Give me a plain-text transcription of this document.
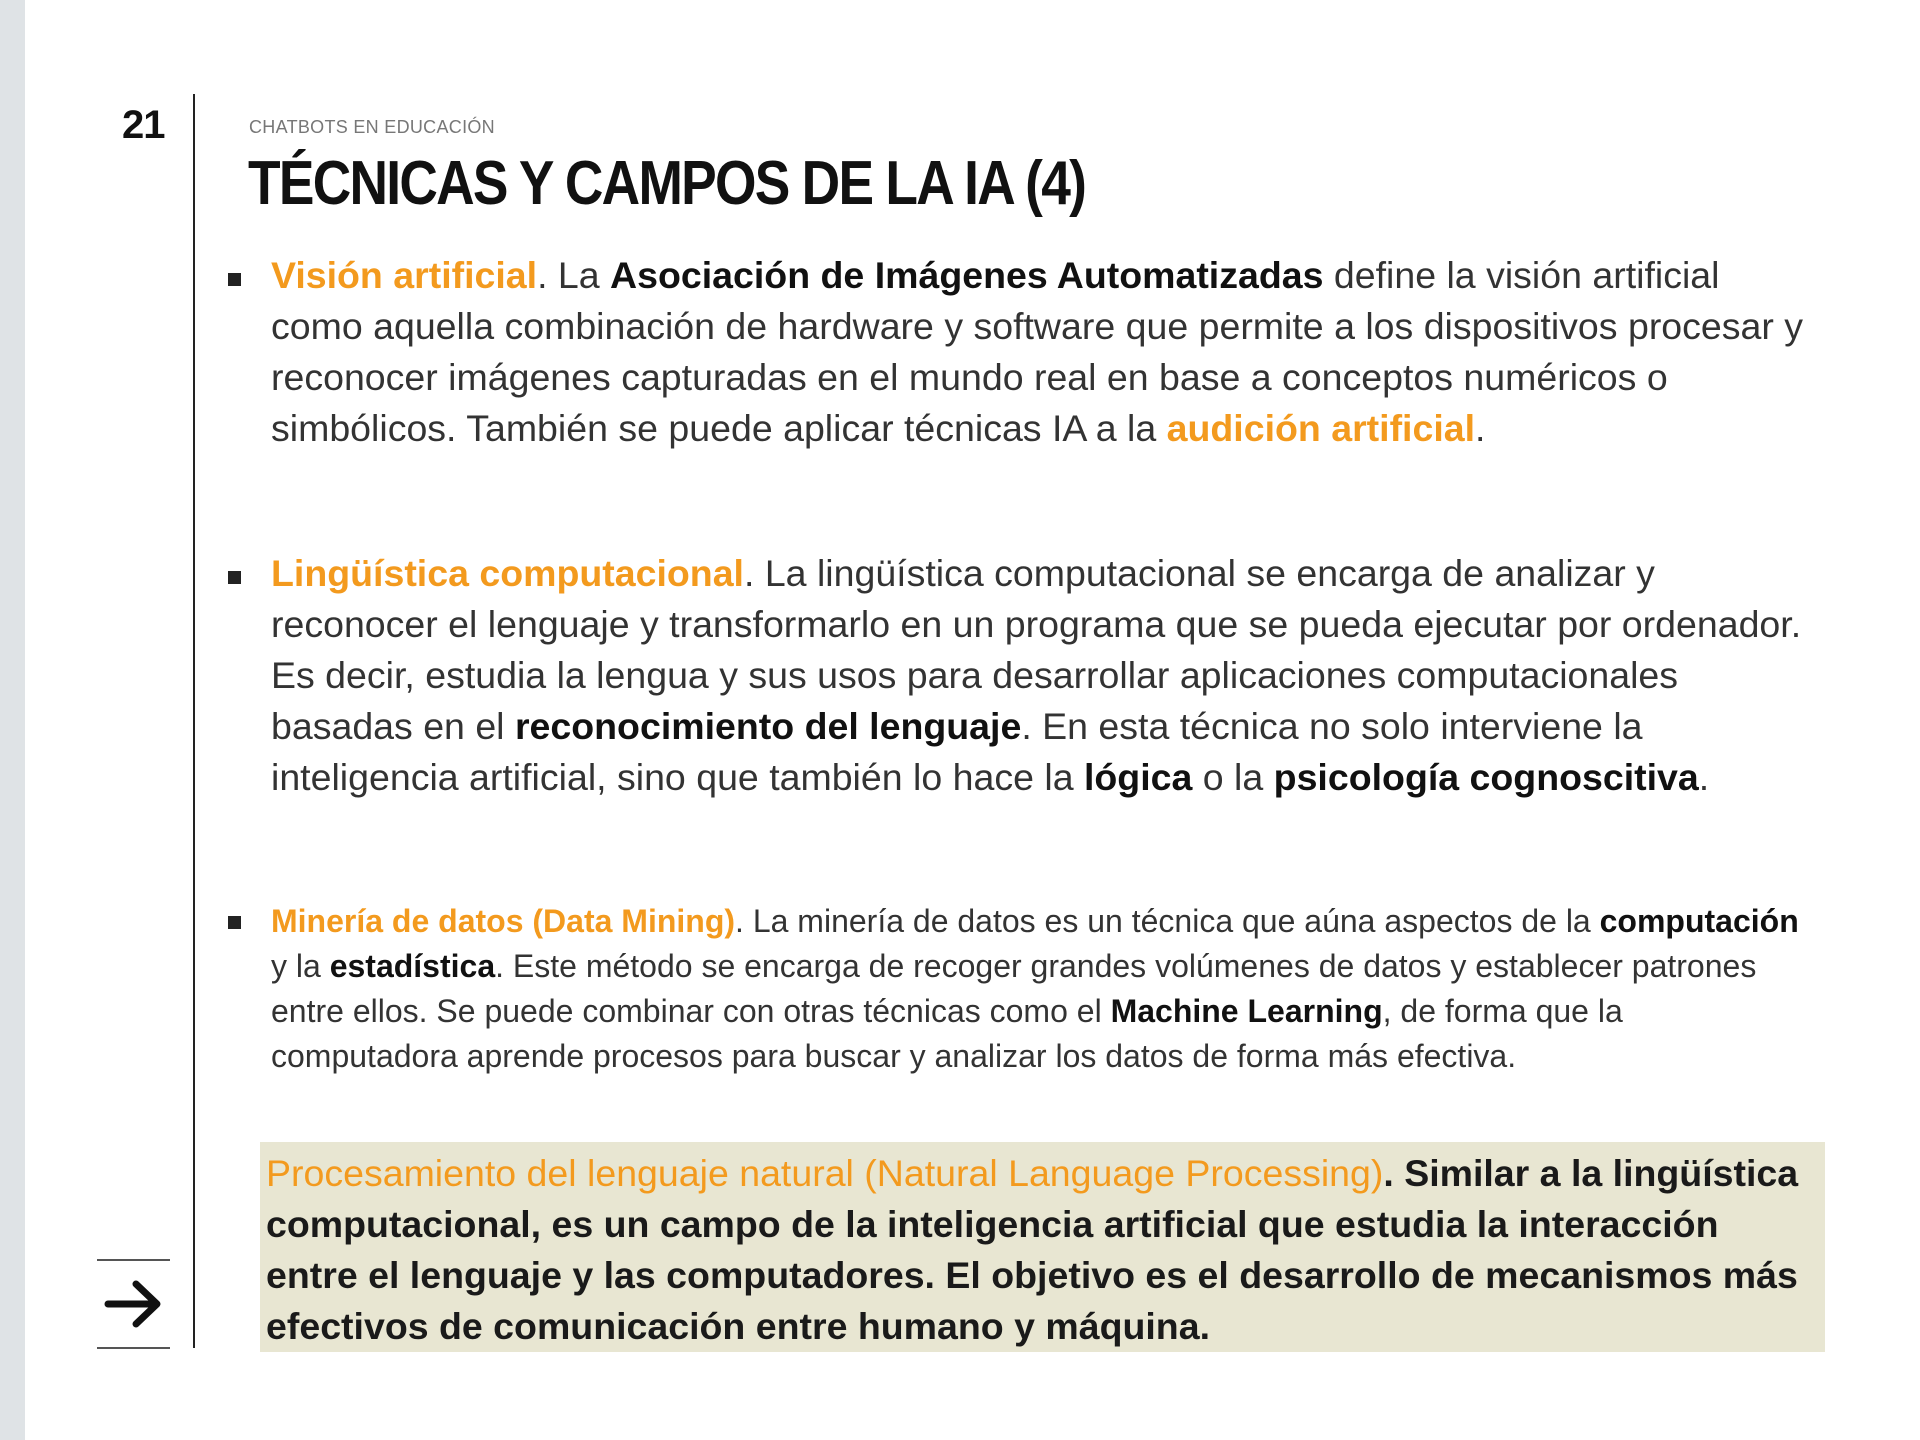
21	CHATBOTS EN EDUCACIÓN
TÉCNICAS Y CAMPOS DE LA IA (4)
Visión artificial. La Asociación de Imágenes Automatizadas define la visión artificial como aquella combinación de hardware y software que permite a los dispositivos procesar y reconocer imágenes capturadas en el mundo real en base a conceptos numéricos o simbólicos. También se puede aplicar técnicas IA a la audición artificial.
Lingüística computacional. La lingüística computacional se encarga de analizar y reconocer el lenguaje y transformarlo en un programa que se pueda ejecutar por ordenador. Es decir, estudia la lengua y sus usos para desarrollar aplicaciones computacionales basadas en el reconocimiento del lenguaje. En esta técnica no solo interviene la inteligencia artificial, sino que también lo hace la lógica o la psicología cognoscitiva.
Minería de datos (Data Mining). La minería de datos es un técnica que aúna aspectos de la computación y la estadística. Este método se encarga de recoger grandes volúmenes de datos y establecer patrones entre ellos. Se puede combinar con otras técnicas como el Machine Learning, de forma que la computadora aprende procesos para buscar y analizar los datos de forma más efectiva.
Procesamiento del lenguaje natural (Natural Language Processing). Similar a la lingüística computacional, es un campo de la inteligencia artificial que estudia la interacción entre el lenguaje y las computadores. El objetivo es el desarrollo de mecanismos más efectivos de comunicación entre humano y máquina.
